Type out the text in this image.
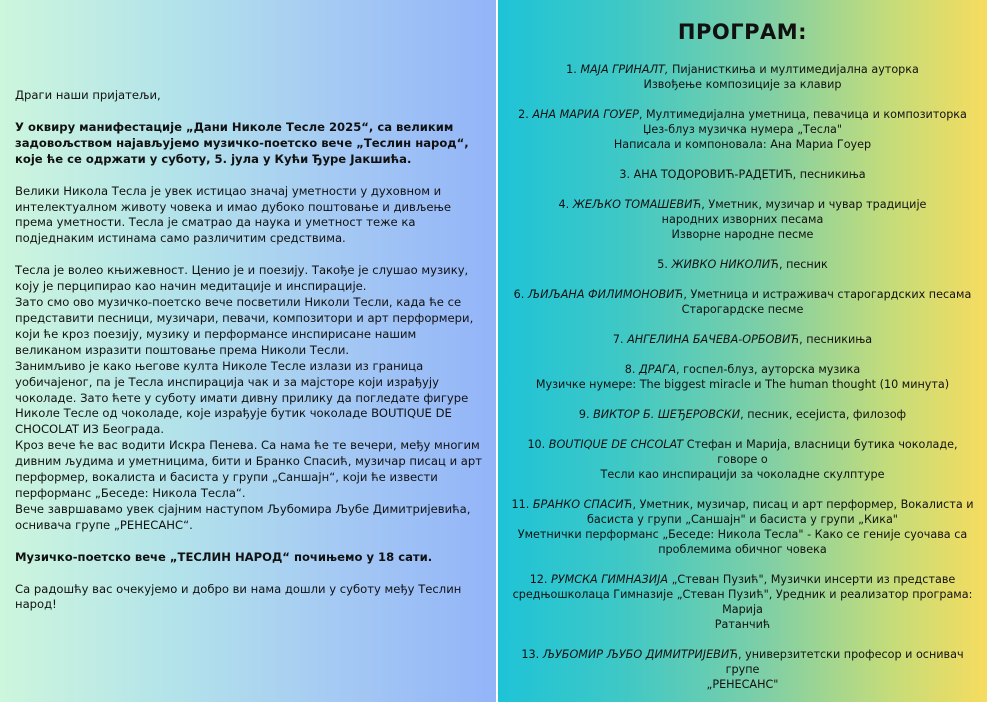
Драги наши пријатељи,

У оквиру манифестације „Дани Николе Тесле 2025“, са великим задовољством најављујемо музичко-поетско вече „Теслин народ“, које ће се одржати у суботу, 5. јула у Кући Ђуре Јакшића.

Велики Никола Тесла је увек истицао значај уметности у духовном и интелектуалном животу човека и имао дубоко поштовање и дивљење према уметности. Тесла је сматрао да наука и уметност теже ка подједнаким истинама само различитим средствима.

Тесла је волео књижевност. Ценио је и поезију. Такође је слушао музику, коју је перципирао као начин медитације и инспирације.

Зато смо ово музичко-поетско вече посветили Николи Тесли, када ће се представити песници, музичари, певачи, композитори и арт перформери, који ће кроз поезију, музику и перформансе инспирисане нашим великаном изразити поштовање према Николи Тесли.

Занимљиво је како његове култа Николе Тесле излази из граница уобичајеног, па је Тесла инспирација чак и за мајсторе који израђују чоколаде. Зато ћете у суботу имати дивну прилику да погледате фигуре Николе Тесле од чоколаде, које израђује бутик чоколаде BOUTIQUE DE CHOCOLAT ИЗ Београда.

Кроз вече ће вас водити Искра Пенева. Са нама ће те вечери, међу многим дивним људима и уметницима, бити и Бранко Спасић, музичар писац и арт перформер, вокалиста и басиста у групи „Саншајн“, који ће извести перформанс „Беседе: Никола Тесла“.

Вече завршавамо увек сјајним наступом Љубомира Љубе Димитријевића, оснивача групе „РЕНЕСАНС“.

Музичко-поетско вече „ТЕСЛИН НАРОД“ почињемо у 18 сати.

Са радошћу вас очекујемо и добро ви нама дошли у суботу међу Теслин народ!

ПРОГРАМ:
1. МАЈА ГРИНАЛТ, Пијанисткиња и мултимедијална ауторка
Извођење композиције за клавир
2. АНА МАРИА ГОУЕР, Мултимедијална уметница, певачица и композиторка
Џез-блуз музичка нумера „Тесла"
Написала и компоновала: Ана Мариа Гоуер
3. АНА ТОДОРОВИЋ-РАДЕТИЋ, песникиња
4. ЖЕЉКО ТОМАШЕВИЋ, Уметник, музичар и чувар традиције
народних изворних песама
Изворне народне песме
5. ЖИВКО НИКОЛИЋ, песник
6. ЉИЉАНА ФИЛИМОНОВИЋ, Уметница и истраживач старогардских песама
Старогардске песме
7. АНГЕЛИНА БАЧЕВА-ОРБОВИЋ, песникиња
8. ДРАГА, госпел-блуз, ауторска музика
Музичке нумере: The biggest miracle и The human thought (10 минута)
9. ВИКТОР Б. ШЕЂЕРОВСКИ, песник, есејиста, филозоф
10. BOUTIQUE DE CHCOLAT Стефан и Марија, власници бутика чоколаде, говоре о
Тесли као инспирацији за чоколадне скулптуре
11. БРАНКО СПАСИЋ, Уметник, музичар, писац и арт перформер, Вокалиста и
басиста у групи „Саншајн" и басиста у групи „Кика"
Уметнички перформанс „Беседе: Никола Тесла" - Како се геније суочава са
проблемима обичног човека
12. РУМСКА ГИМНАЗИЈА „Стеван Пузић", Музички инсерти из представе
средњошколаца Гимназије „Стеван Пузић", Уредник и реализатор програма: Марија
Ратанчић
13. ЉУБОМИР ЉУБО ДИМИТРИЈЕВИЋ, универзитетски професор и оснивач групе
„РЕНЕСАНС"
